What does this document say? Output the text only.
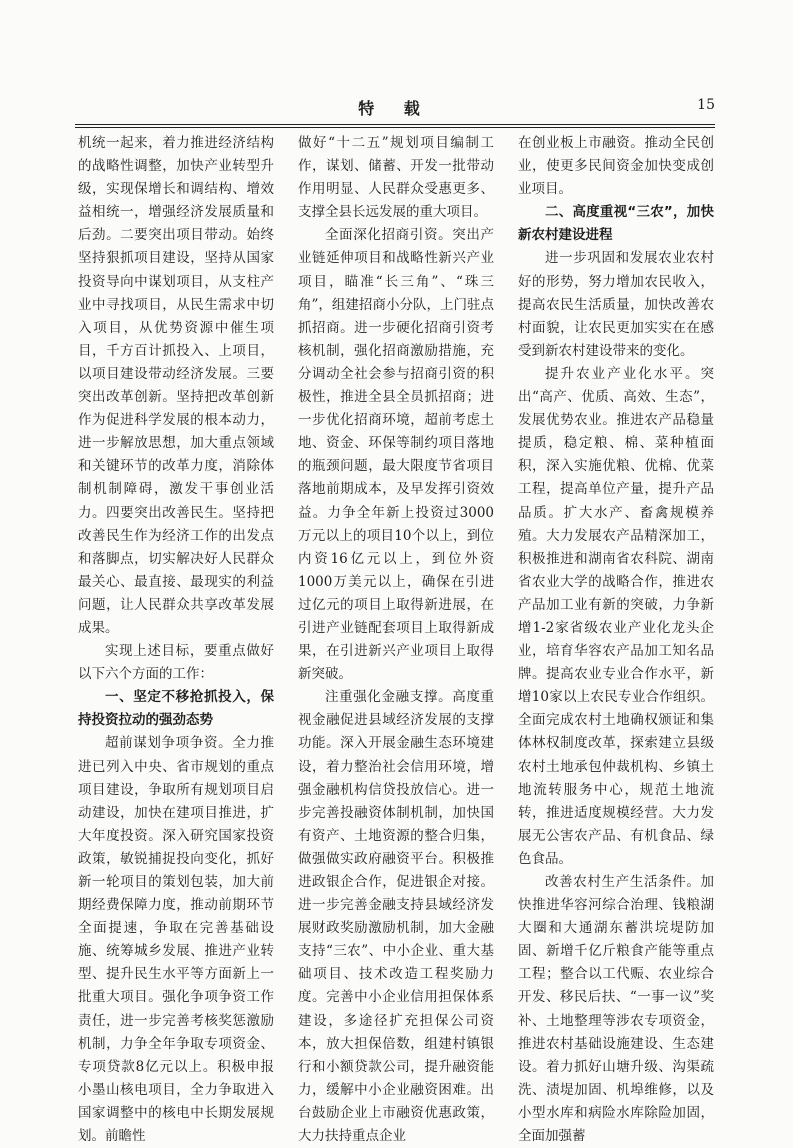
特 载	15

机统一起来，着力推进经济结构的战略性调整，加快产业转型升级，实现保增长和调结构、增效益相统一，增强经济发展质量和后劲。二要突出项目带动。始终坚持狠抓项目建设，坚持从国家投资导向中谋划项目，从支柱产业中寻找项目，从民生需求中切入项目，从优势资源中催生项目，千方百计抓投入、上项目，以项目建设带动经济发展。三要突出改革创新。坚持把改革创新作为促进科学发展的根本动力，进一步解放思想，加大重点领域和关键环节的改革力度，消除体制机制障碍，激发干事创业活力。四要突出改善民生。坚持把改善民生作为经济工作的出发点和落脚点，切实解决好人民群众最关心、最直接、最现实的利益问题，让人民群众共享改革发展成果。

实现上述目标，要重点做好以下六个方面的工作：

一、坚定不移抢抓投入，保持投资拉动的强劲态势

超前谋划争项争资。全力推进已列入中央、省市规划的重点项目建设，争取所有规划项目启动建设，加快在建项目推进，扩大年度投资。深入研究国家投资政策，敏锐捕捉投向变化，抓好新一轮项目的策划包装，加大前期经费保障力度，推动前期环节全面提速，争取在完善基础设施、统筹城乡发展、推进产业转型、提升民生水平等方面新上一批重大项目。强化争项争资工作责任，进一步完善考核奖惩激励机制，力争全年争取专项资金、专项贷款8亿元以上。积极申报小墨山核电项目，全力争取进入国家调整中的核电中长期发展规划。前瞻性

做好“十二五”规划项目编制工作，谋划、储蓄、开发一批带动作用明显、人民群众受惠更多、支撑全县长远发展的重大项目。

全面深化招商引资。突出产业链延伸项目和战略性新兴产业项目，瞄准“长三角”、“珠三角”，组建招商小分队，上门驻点抓招商。进一步硬化招商引资考核机制，强化招商激励措施，充分调动全社会参与招商引资的积极性，推进全县全员抓招商；进一步优化招商环境，超前考虑土地、资金、环保等制约项目落地的瓶颈问题，最大限度节省项目落地前期成本，及早发挥引资效益。力争全年新上投资过3000万元以上的项目10个以上，到位内资16亿元以上，到位外资1000万美元以上，确保在引进过亿元的项目上取得新进展，在引进产业链配套项目上取得新成果，在引进新兴产业项目上取得新突破。

注重强化金融支撑。高度重视金融促进县域经济发展的支撑功能。深入开展金融生态环境建设，着力整治社会信用环境，增强金融机构信贷投放信心。进一步完善投融资体制机制，加快国有资产、土地资源的整合归集，做强做实政府融资平台。积极推进政银企合作，促进银企对接。进一步完善金融支持县域经济发展财政奖励激励机制，加大金融支持“三农”、中小企业、重大基础项目、技术改造工程奖励力度。完善中小企业信用担保体系建设，多途径扩充担保公司资本，放大担保倍数，组建村镇银行和小额贷款公司，提升融资能力，缓解中小企业融资困难。出台鼓励企业上市融资优惠政策，大力扶持重点企业

在创业板上市融资。推动全民创业，使更多民间资金加快变成创业项目。

二、高度重视“三农”，加快新农村建设进程

进一步巩固和发展农业农村好的形势，努力增加农民收入，提高农民生活质量，加快改善农村面貌，让农民更加实实在在感受到新农村建设带来的变化。

提升农业产业化水平。突出“高产、优质、高效、生态”，发展优势农业。推进农产品稳量提质，稳定粮、棉、菜种植面积，深入实施优粮、优棉、优菜工程，提高单位产量，提升产品品质。扩大水产、畜禽规模养殖。大力发展农产品精深加工，积极推进和湖南省农科院、湖南省农业大学的战略合作，推进农产品加工业有新的突破，力争新增1-2家省级农业产业化龙头企业，培育华容农产品加工知名品牌。提高农业专业合作水平，新增10家以上农民专业合作组织。全面完成农村土地确权颁证和集体林权制度改革，探索建立县级农村土地承包仲裁机构、乡镇土地流转服务中心，规范土地流转，推进适度规模经营。大力发展无公害农产品、有机食品、绿色食品。

改善农村生产生活条件。加快推进华容河综合治理、钱粮湖大圈和大通湖东蓄洪垸堤防加固、新增千亿斤粮食产能等重点工程；整合以工代赈、农业综合开发、移民后扶、“一事一议”奖补、土地整理等涉农专项资金，推进农村基础设施建设、生态建设。着力抓好山塘升级、沟渠疏洗、渍堤加固、机埠维修，以及小型水库和病险水库除险加固，全面加强蓄
